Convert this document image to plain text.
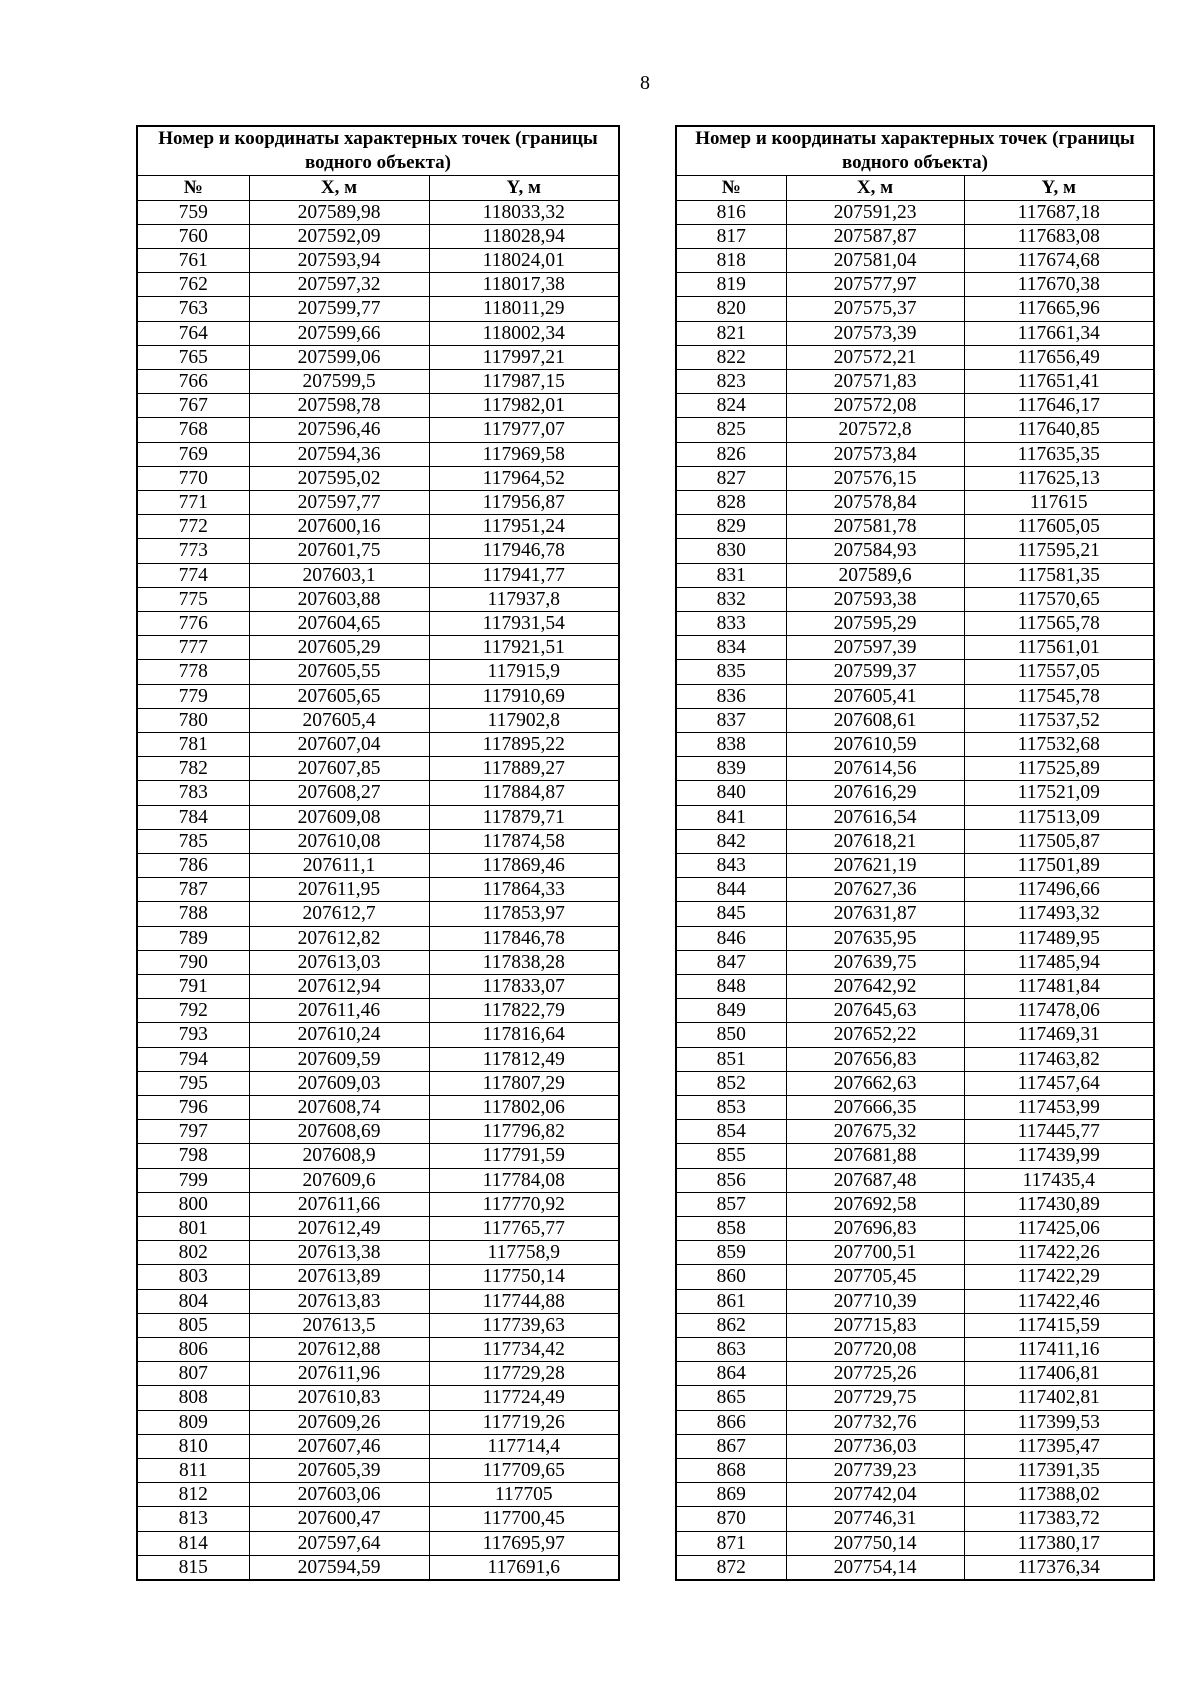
8
Номер и координаты характерных точек (границы водного объекта)		
№	X, м	Y, м
759	207589,98	118033,32
760	207592,09	118028,94
761	207593,94	118024,01
762	207597,32	118017,38
763	207599,77	118011,29
764	207599,66	118002,34
765	207599,06	117997,21
766	207599,5	117987,15
767	207598,78	117982,01
768	207596,46	117977,07
769	207594,36	117969,58
770	207595,02	117964,52
771	207597,77	117956,87
772	207600,16	117951,24
773	207601,75	117946,78
774	207603,1	117941,77
775	207603,88	117937,8
776	207604,65	117931,54
777	207605,29	117921,51
778	207605,55	117915,9
779	207605,65	117910,69
780	207605,4	117902,8
781	207607,04	117895,22
782	207607,85	117889,27
783	207608,27	117884,87
784	207609,08	117879,71
785	207610,08	117874,58
786	207611,1	117869,46
787	207611,95	117864,33
788	207612,7	117853,97
789	207612,82	117846,78
790	207613,03	117838,28
791	207612,94	117833,07
792	207611,46	117822,79
793	207610,24	117816,64
794	207609,59	117812,49
795	207609,03	117807,29
796	207608,74	117802,06
797	207608,69	117796,82
798	207608,9	117791,59
799	207609,6	117784,08
800	207611,66	117770,92
801	207612,49	117765,77
802	207613,38	117758,9
803	207613,89	117750,14
804	207613,83	117744,88
805	207613,5	117739,63
806	207612,88	117734,42
807	207611,96	117729,28
808	207610,83	117724,49
809	207609,26	117719,26
810	207607,46	117714,4
811	207605,39	117709,65
812	207603,06	117705
813	207600,47	117700,45
814	207597,64	117695,97
815	207594,59	117691,6
Номер и координаты характерных точек (границы водного объекта)		
№	X, м	Y, м
816	207591,23	117687,18
817	207587,87	117683,08
818	207581,04	117674,68
819	207577,97	117670,38
820	207575,37	117665,96
821	207573,39	117661,34
822	207572,21	117656,49
823	207571,83	117651,41
824	207572,08	117646,17
825	207572,8	117640,85
826	207573,84	117635,35
827	207576,15	117625,13
828	207578,84	117615
829	207581,78	117605,05
830	207584,93	117595,21
831	207589,6	117581,35
832	207593,38	117570,65
833	207595,29	117565,78
834	207597,39	117561,01
835	207599,37	117557,05
836	207605,41	117545,78
837	207608,61	117537,52
838	207610,59	117532,68
839	207614,56	117525,89
840	207616,29	117521,09
841	207616,54	117513,09
842	207618,21	117505,87
843	207621,19	117501,89
844	207627,36	117496,66
845	207631,87	117493,32
846	207635,95	117489,95
847	207639,75	117485,94
848	207642,92	117481,84
849	207645,63	117478,06
850	207652,22	117469,31
851	207656,83	117463,82
852	207662,63	117457,64
853	207666,35	117453,99
854	207675,32	117445,77
855	207681,88	117439,99
856	207687,48	117435,4
857	207692,58	117430,89
858	207696,83	117425,06
859	207700,51	117422,26
860	207705,45	117422,29
861	207710,39	117422,46
862	207715,83	117415,59
863	207720,08	117411,16
864	207725,26	117406,81
865	207729,75	117402,81
866	207732,76	117399,53
867	207736,03	117395,47
868	207739,23	117391,35
869	207742,04	117388,02
870	207746,31	117383,72
871	207750,14	117380,17
872	207754,14	117376,34
